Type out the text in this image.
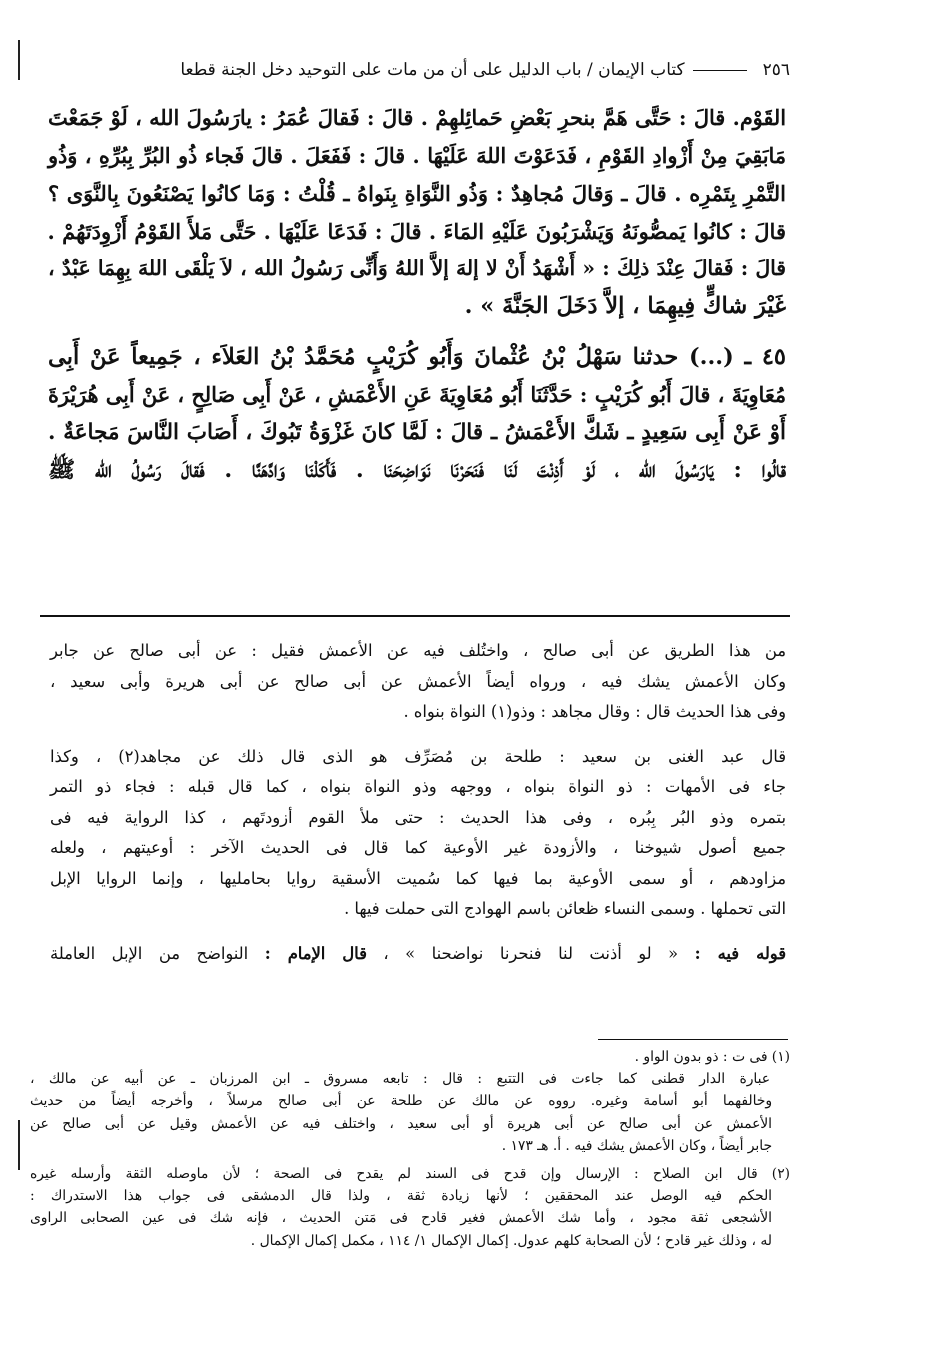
٢٥٦
كتاب الإيمان / باب الدليل على أن من مات على التوحيد دخل الجنة قطعا
القَوْم. قالَ : حَتَّى هَمَّ بنحرِ بَعْضِ حَمائِلهِمْ . قالَ : فَقالَ عُمَرُ : يارَسُولَ الله ، لَوْ جَمَعْتَ
مَابَقِيَ مِنْ أَزْوادِ القَوْمِ ، فَدَعَوْتَ اللهَ عَلَيْهَا . قالَ : فَفَعَلَ . قالَ فَجاء ذُو البُرِّ بِبُرِّهِ ، وَذُو
التَّمْرِ بِتَمْرِه . قالَ ـ وَقالَ مُجاهِدٌ : وَذُو النَّوَاةِ بِنَواهُ ـ قُلْتُ : وَمَا كانُوا يَصْنَعُونَ بِالنَّوَى ؟
قالَ : كانُوا يَمصُّونَهُ وَيَشْرَبُونَ عَلَيْهِ المَاءَ . قالَ : فَدَعَا عَلَيْهَا . حَتَّى مَلأَ القَوْمُ أَزْوِدَتَهُمْ .
قالَ : فَقالَ عِنْدَ ذلِكَ : « أَشْهَدُ أَنْ لا إلهَ إلاَّ اللهُ وَأَنِّى رَسُولُ الله ، لاَ يَلْقَى اللهَ بِهِمَا عَبْدٌ ،
غَيْرَ شاكٍّ فِيهِمَا ، إلاَّ دَخَلَ الجَنَّةَ » .
٤٥ ـ (...) حدثنا سَهْلُ بْنُ عُثْمانَ وَأَبُو كُرَيْبٍ مُحَمَّدُ بْنُ العَلاَء ، جَمِيعاً عَنْ أَبِى
مُعَاوِيَةَ ، قالَ أَبُو كُرَيْبٍ : حَدَّثَنَا أَبُو مُعَاوِيَةَ عَنِ الأَعْمَشِ ، عَنْ أَبِى صَالِحٍ ، عَنْ أَبِى هُرَيْرَةَ
أَوْ عَنْ أَبِى سَعِيدٍ ـ شَكَّ الأَعْمَشُ ـ قالَ : لَمَّا كانَ غَزْوَةُ تَبُوكَ ، أَصَابَ النَّاسَ مَجاعَةٌ .
قالُوا : يَارَسُولَ الله ، لَوْ أَذِنْتَ لَنَا فَنَحَرْنَا نَوَاضِحَنَا . فَأَكَلْنَا وَادَّهَنَّا . فَقالَ رَسُولُ الله ﷺ
من هذا الطريق عن أبى صالح ، واختُلف فيه عن الأعمش فقيل : عن أبى صالح عن جابر
وكان الأعمش يشك فيه ، ورواه أيضاً الأعمش عن أبى صالح عن أبى هريرة وأبى سعيد ،
وفى هذا الحديث قال : وقال مجاهد : وذو(١) النواة بنواه .
قال عبد الغنى بن سعيد : طلحة بن مُصَرِّف هو الذى قال ذلك عن مجاهد(٢) ، وكذا
جاء فى الأمهات : ذو النواة بنواه ، ووجهه وذو النواة بنواه ، كما قال قبله : فجاء ذو التمر
بتمره وذو البُر بِبُره ، وفى هذا الحديث : حتى ملأ القوم أزودتَهم ، كذا الرواية فيه فى
جميع أصول شيوخنا ، والأزودة غير الأوعية كما قال فى الحديث الآخر : أوعيتهم ، ولعله
مزاودهم ، أو سمى الأوعية بما فيها كما سُميت الأسقية روايا بحامليها ، وإنما الروايا الإبل
التى تحملها . وسمى النساء ظعائن باسم الهوادج التى حملت فيها .
قوله فيه : « لو أذنت لنا فنحرنا نواضحنا » ، قال الإمام : النواضح من الإبل العاملة
(١) فى ت : ذو بدون الواو .
عبارة الدار قطنى كما جاءت فى التتبع : قال : تابعه مسروق ـ ابن المرزبان ـ عن أبيه عن مالك ،
وخالفهما أبو أسامة وغيره. رووه عن مالك عن طلحة عن أبى صالح مرسلاً ، وأخرجه أيضاً من حديث
الأعمش عن أبى صالح عن أبى هريرة أو أبى سعيد ، واختلف فيه عن الأعمش وقيل عن أبى صالح عن
جابر أيضاً ، وكان الأعمش يشك فيه . أ. هـ ١٧٣ .
(٢) قال ابن الصلاح : الإرسال وإن قدح فى السند لم يقدح فى الصحة ؛ لأن ماوصله الثقة وأرسله غيره
الحكم فيه الوصل عند المحققين ؛ لأنها زيادة ثقة ، ولذا قال الدمشقى فى جواب هذا الاستدراك :
الأشجعى ثقة مجود ، وأما شك الأعمش فغير قادح فى مَتن الحديث ، فإنه شك فى عين الصحابى الراوى
له ، وذلك غير قادح ؛ لأن الصحابة كلهم عدول. إكمال الإكمال ١/ ١١٤ ، مكمل إكمال الإكمال .
